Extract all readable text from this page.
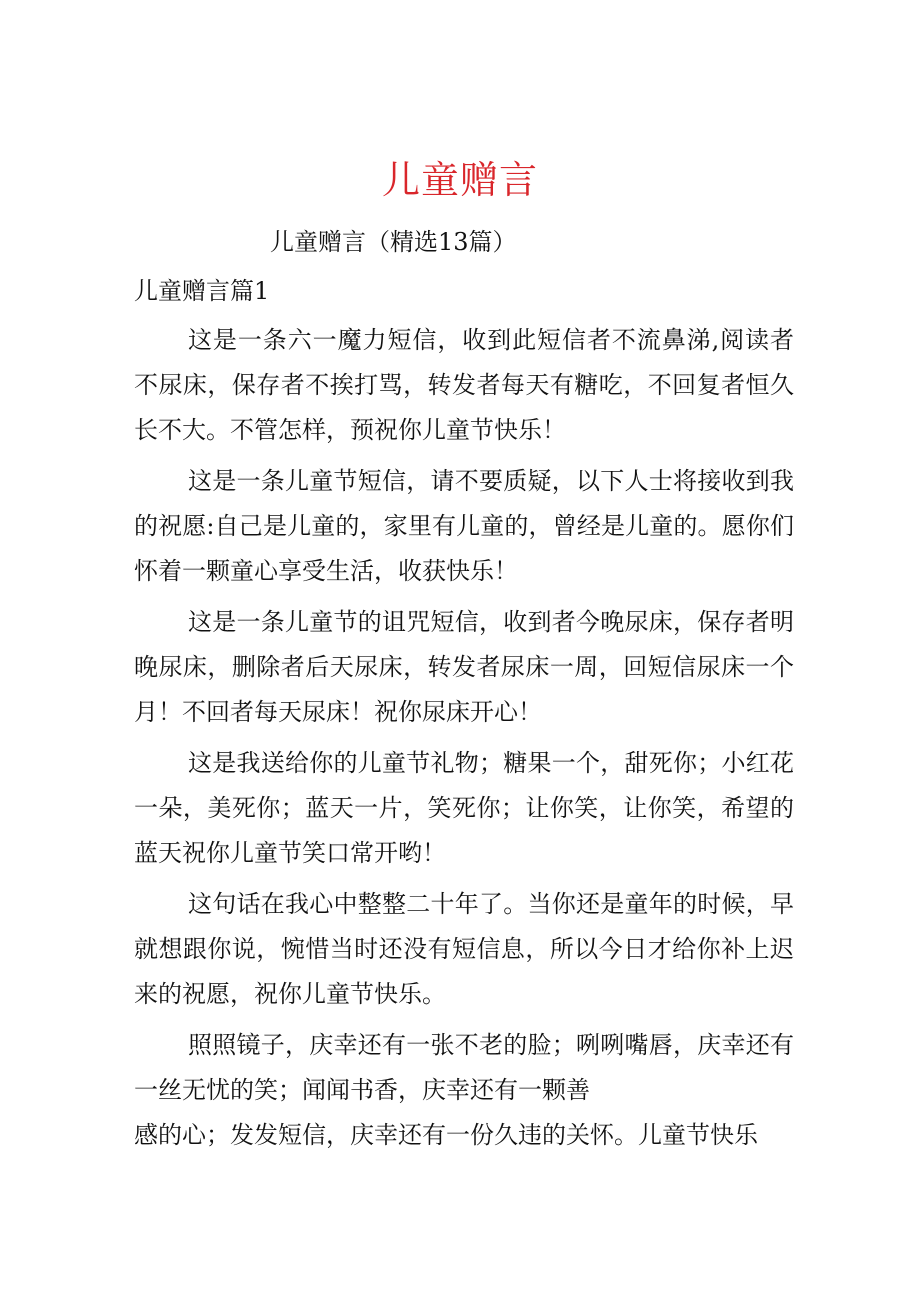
儿童赠言

儿童赠言（精选13篇）

儿童赠言篇1

这是一条六一魔力短信，收到此短信者不流鼻涕,阅读者不尿床，保存者不挨打骂，转发者每天有糖吃，不回复者恒久长不大。不管怎样，预祝你儿童节快乐！

这是一条儿童节短信，请不要质疑，以下人士将接收到我的祝愿:自己是儿童的，家里有儿童的，曾经是儿童的。愿你们怀着一颗童心享受生活，收获快乐！

这是一条儿童节的诅咒短信，收到者今晚尿床，保存者明晚尿床，删除者后天尿床，转发者尿床一周，回短信尿床一个月！不回者每天尿床！祝你尿床开心！

这是我送给你的儿童节礼物；糖果一个，甜死你；小红花一朵，美死你；蓝天一片，笑死你；让你笑，让你笑，希望的蓝天祝你儿童节笑口常开哟！

这句话在我心中整整二十年了。当你还是童年的时候，早就想跟你说，惋惜当时还没有短信息，所以今日才给你补上迟来的祝愿，祝你儿童节快乐。

照照镜子，庆幸还有一张不老的脸；咧咧嘴唇，庆幸还有一丝无忧的笑；闻闻书香，庆幸还有一颗善

感的心；发发短信，庆幸还有一份久违的关怀。儿童节快乐
